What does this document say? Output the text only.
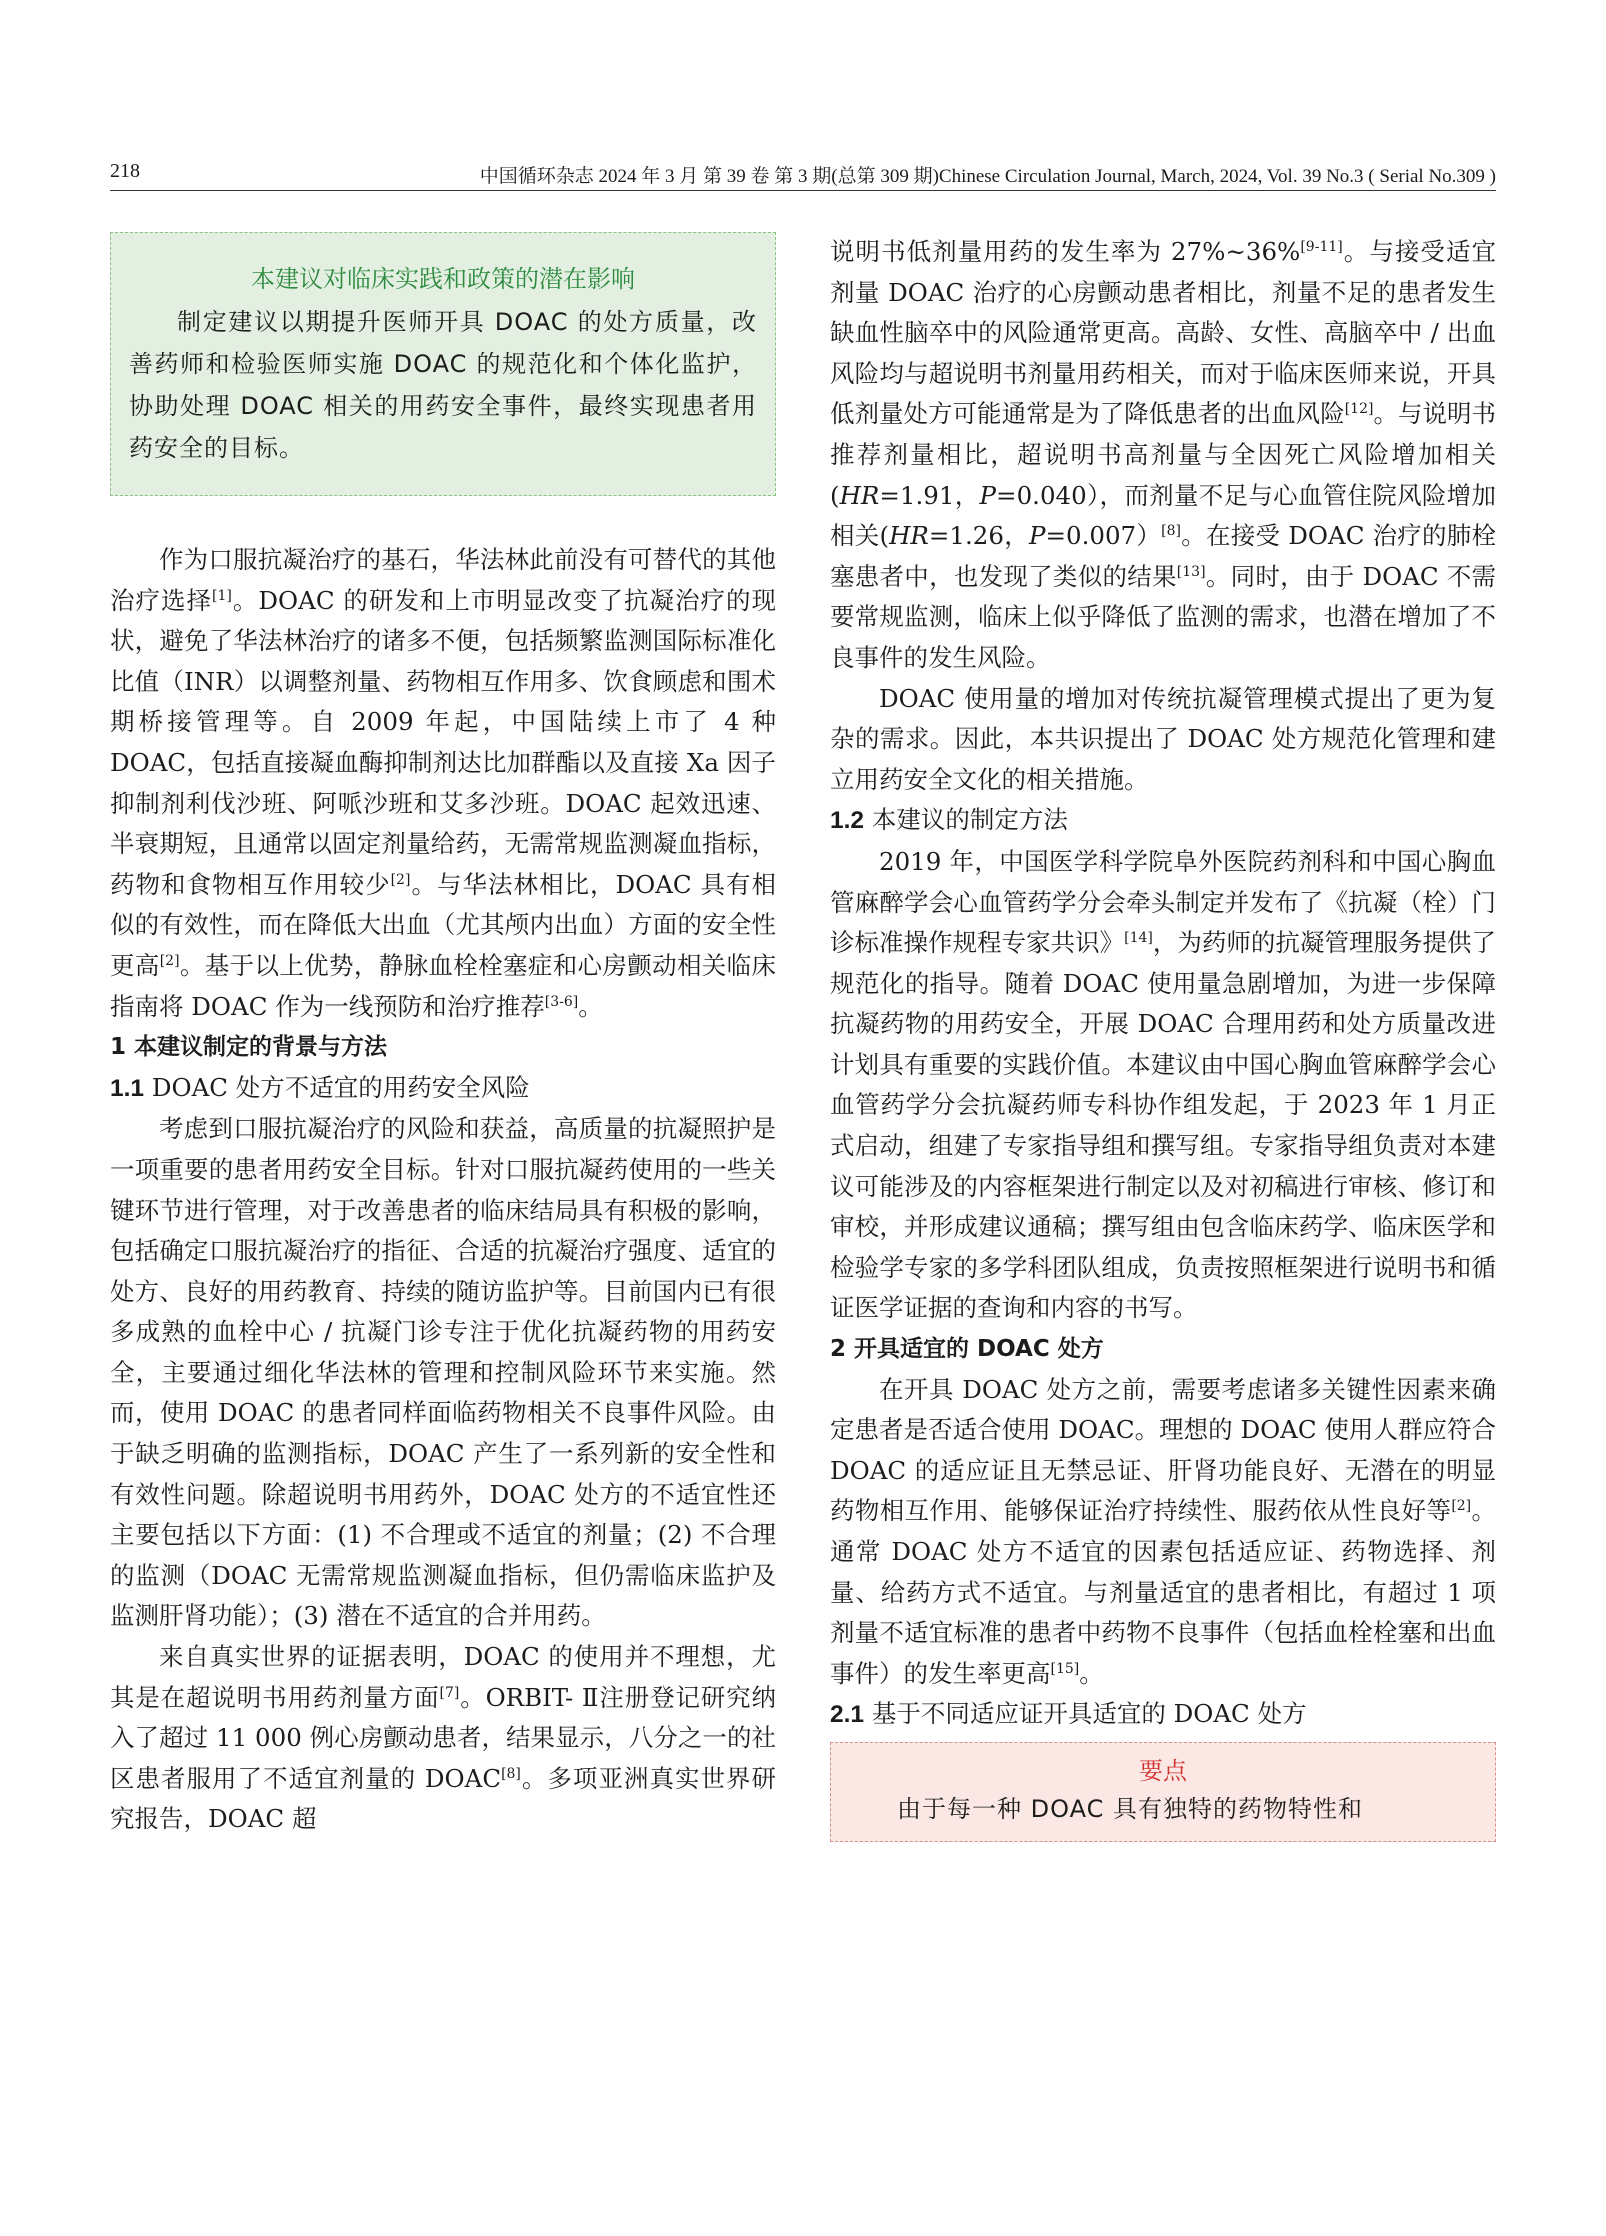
218	中国循环杂志 2024 年 3 月 第 39 卷 第 3 期(总第 309 期)Chinese Circulation Journal, March, 2024, Vol. 39 No.3 ( Serial No.309 )
本建议对临床实践和政策的潜在影响

制定建议以期提升医师开具 DOAC 的处方质量，改善药师和检验医师实施 DOAC 的规范化和个体化监护，协助处理 DOAC 相关的用药安全事件，最终实现患者用药安全的目标。

作为口服抗凝治疗的基石，华法林此前没有可替代的其他治疗选择[1]。DOAC 的研发和上市明显改变了抗凝治疗的现状，避免了华法林治疗的诸多不便，包括频繁监测国际标准化比值（INR）以调整剂量、药物相互作用多、饮食顾虑和围术期桥接管理等。自 2009 年起，中国陆续上市了 4 种 DOAC，包括直接凝血酶抑制剂达比加群酯以及直接 Xa 因子抑制剂利伐沙班、阿哌沙班和艾多沙班。DOAC 起效迅速、半衰期短，且通常以固定剂量给药，无需常规监测凝血指标，药物和食物相互作用较少[2]。与华法林相比，DOAC 具有相似的有效性，而在降低大出血（尤其颅内出血）方面的安全性更高[2]。基于以上优势，静脉血栓栓塞症和心房颤动相关临床指南将 DOAC 作为一线预防和治疗推荐[3-6]。

1 本建议制定的背景与方法
1.1 DOAC 处方不适宜的用药安全风险

考虑到口服抗凝治疗的风险和获益，高质量的抗凝照护是一项重要的患者用药安全目标。针对口服抗凝药使用的一些关键环节进行管理，对于改善患者的临床结局具有积极的影响，包括确定口服抗凝治疗的指征、合适的抗凝治疗强度、适宜的处方、良好的用药教育、持续的随访监护等。目前国内已有很多成熟的血栓中心 / 抗凝门诊专注于优化抗凝药物的用药安全，主要通过细化华法林的管理和控制风险环节来实施。然而，使用 DOAC 的患者同样面临药物相关不良事件风险。由于缺乏明确的监测指标，DOAC 产生了一系列新的安全性和有效性问题。除超说明书用药外，DOAC 处方的不适宜性还主要包括以下方面：(1) 不合理或不适宜的剂量；(2) 不合理的监测（DOAC 无需常规监测凝血指标，但仍需临床监护及监测肝肾功能）；(3) 潜在不适宜的合并用药。

来自真实世界的证据表明，DOAC 的使用并不理想，尤其是在超说明书用药剂量方面[7]。ORBIT- Ⅱ注册登记研究纳入了超过 11 000 例心房颤动患者，结果显示，八分之一的社区患者服用了不适宜剂量的 DOAC[8]。多项亚洲真实世界研究报告，DOAC 超

说明书低剂量用药的发生率为 27%~36%[9-11]。与接受适宜剂量 DOAC 治疗的心房颤动患者相比，剂量不足的患者发生缺血性脑卒中的风险通常更高。高龄、女性、高脑卒中 / 出血风险均与超说明书剂量用药相关，而对于临床医师来说，开具低剂量处方可能通常是为了降低患者的出血风险[12]。与说明书推荐剂量相比，超说明书高剂量与全因死亡风险增加相关(HR=1.91，P=0.040），而剂量不足与心血管住院风险增加相关(HR=1.26，P=0.007）[8]。在接受 DOAC 治疗的肺栓塞患者中，也发现了类似的结果[13]。同时，由于 DOAC 不需要常规监测，临床上似乎降低了监测的需求，也潜在增加了不良事件的发生风险。

DOAC 使用量的增加对传统抗凝管理模式提出了更为复杂的需求。因此，本共识提出了 DOAC 处方规范化管理和建立用药安全文化的相关措施。

1.2 本建议的制定方法

2019 年，中国医学科学院阜外医院药剂科和中国心胸血管麻醉学会心血管药学分会牵头制定并发布了《抗凝（栓）门诊标准操作规程专家共识》[14]，为药师的抗凝管理服务提供了规范化的指导。随着 DOAC 使用量急剧增加，为进一步保障抗凝药物的用药安全，开展 DOAC 合理用药和处方质量改进计划具有重要的实践价值。本建议由中国心胸血管麻醉学会心血管药学分会抗凝药师专科协作组发起，于 2023 年 1 月正式启动，组建了专家指导组和撰写组。专家指导组负责对本建议可能涉及的内容框架进行制定以及对初稿进行审核、修订和审校，并形成建议通稿；撰写组由包含临床药学、临床医学和检验学专家的多学科团队组成，负责按照框架进行说明书和循证医学证据的查询和内容的书写。

2 开具适宜的 DOAC 处方

在开具 DOAC 处方之前，需要考虑诸多关键性因素来确定患者是否适合使用 DOAC。理想的 DOAC 使用人群应符合 DOAC 的适应证且无禁忌证、肝肾功能良好、无潜在的明显药物相互作用、能够保证治疗持续性、服药依从性良好等[2]。通常 DOAC 处方不适宜的因素包括适应证、药物选择、剂量、给药方式不适宜。与剂量适宜的患者相比，有超过 1 项剂量不适宜标准的患者中药物不良事件（包括血栓栓塞和出血事件）的发生率更高[15]。

2.1 基于不同适应证开具适宜的 DOAC 处方
要点

由于每一种 DOAC 具有独特的药物特性和
